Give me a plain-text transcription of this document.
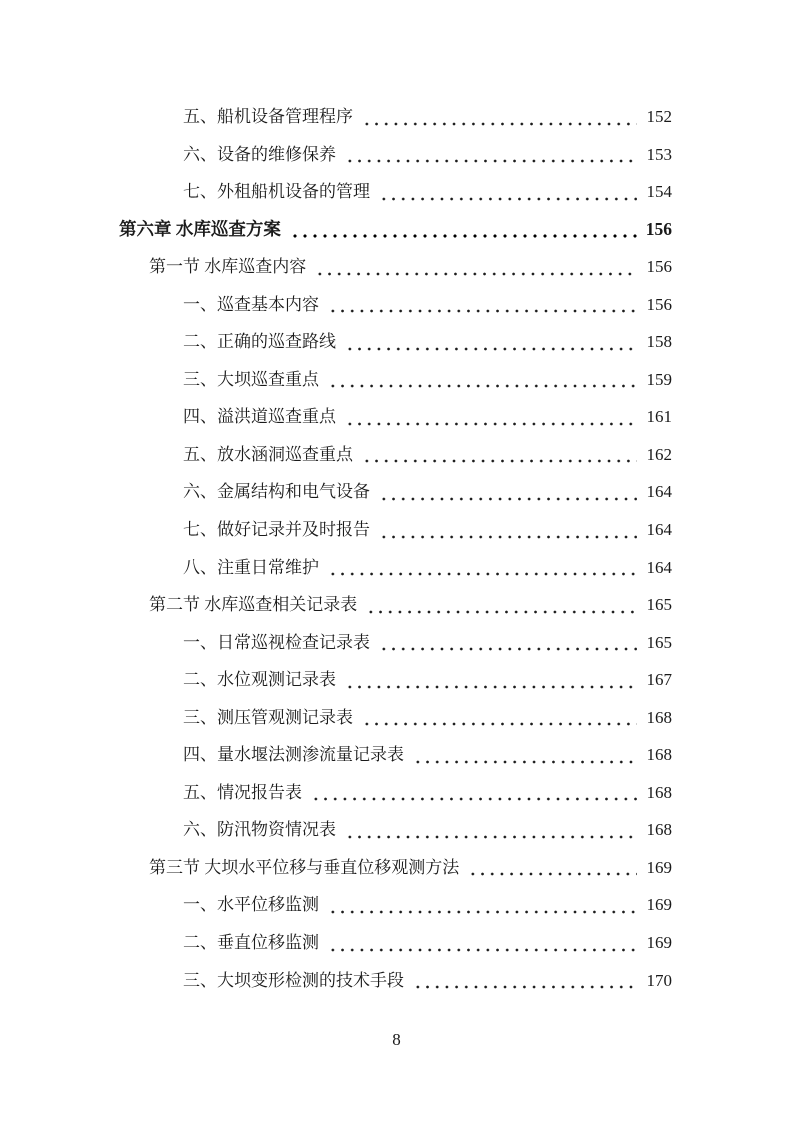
五、船机设备管理程序	152
六、设备的维修保养	153
七、外租船机设备的管理	154
第六章 水库巡查方案	156
第一节 水库巡查内容	156
一、巡查基本内容	156
二、正确的巡查路线	158
三、大坝巡查重点	159
四、溢洪道巡查重点	161
五、放水涵洞巡查重点	162
六、金属结构和电气设备	164
七、做好记录并及时报告	164
八、注重日常维护	164
第二节 水库巡查相关记录表	165
一、日常巡视检查记录表	165
二、水位观测记录表	167
三、测压管观测记录表	168
四、量水堰法测渗流量记录表	168
五、情况报告表	168
六、防汛物资情况表	168
第三节 大坝水平位移与垂直位移观测方法	169
一、水平位移监测	169
二、垂直位移监测	169
三、大坝变形检测的技术手段	170
8
